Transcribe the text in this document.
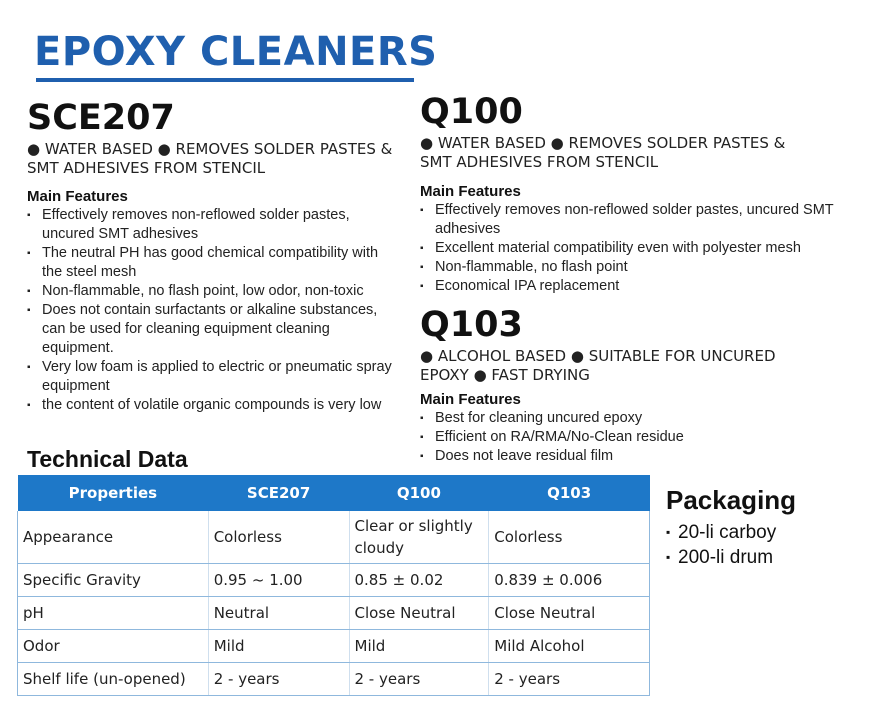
EPOXY CLEANERS
SCE207

● WATER BASED ● REMOVES SOLDER PASTES & SMT ADHESIVES FROM STENCIL

Main Features

▪ Effectively removes non-reflowed solder pastes, uncured SMT adhesives
▪ The neutral PH has good chemical compatibility with the steel mesh
▪ Non-flammable, no flash point, low odor, non-toxic
▪ Does not contain surfactants or alkaline substances, can be used for cleaning equipment cleaning equipment.
▪ Very low foam is applied to electric or pneumatic spray equipment
▪ the content of volatile organic compounds is very low
Q100

● WATER BASED ● REMOVES SOLDER PASTES & SMT ADHESIVES FROM STENCIL

Main Features

▪ Effectively removes non-reflowed solder pastes, uncured SMT adhesives
▪ Excellent material compatibility even with polyester mesh
▪ Non-flammable, no flash point
▪ Economical IPA replacement
Q103

● ALCOHOL BASED ● SUITABLE FOR UNCURED EPOXY ● FAST DRYING

Main Features

▪ Best for cleaning uncured epoxy
▪ Efficient on RA/RMA/No-Clean residue
▪ Does not leave residual film
Technical Data
Properties	SCE207	Q100	Q103
Appearance	Colorless	Clear or slightly cloudy	Colorless
Specific Gravity	0.95 ~ 1.00	0.85 ± 0.02	0.839 ± 0.006
pH	Neutral	Close Neutral	Close Neutral
Odor	Mild	Mild	Mild Alcohol
Shelf life (un-opened)	2 - years	2 - years	2 - years
Packaging
▪ 20-li carboy
▪ 200-li drum
